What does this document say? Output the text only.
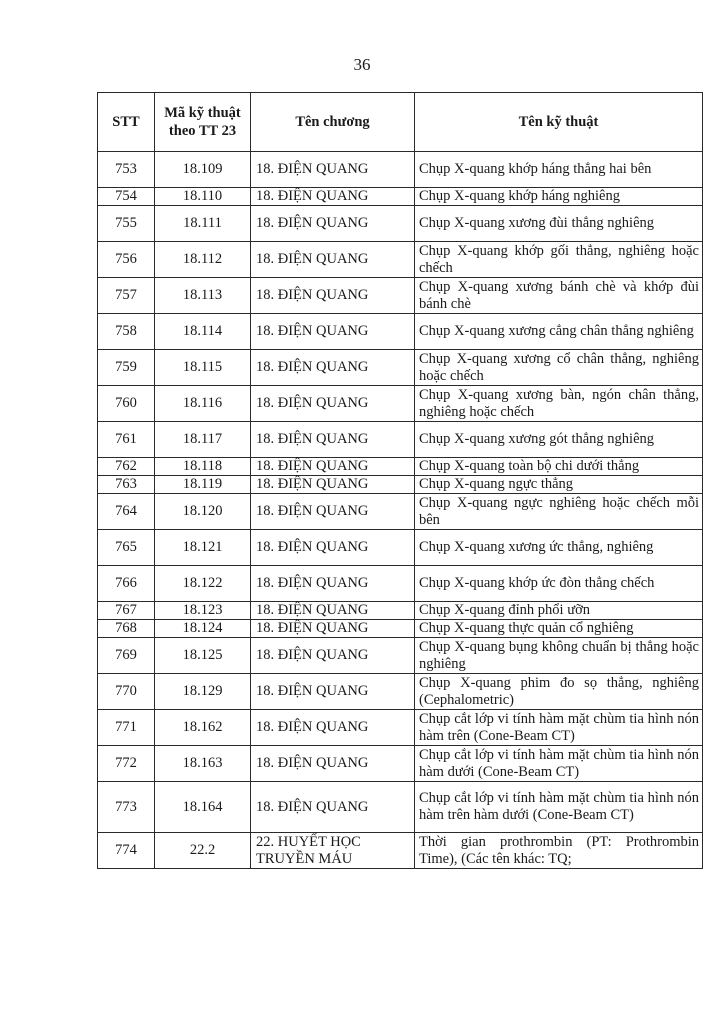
36
STT	Mã kỹ thuật theo TT 23	Tên chương	Tên kỹ thuật
753	18.109	18. ĐIỆN QUANG	Chụp X-quang khớp háng thẳng hai bên
754	18.110	18. ĐIỆN QUANG	Chụp X-quang khớp háng nghiêng
755	18.111	18. ĐIỆN QUANG	Chụp X-quang xương đùi thẳng nghiêng
756	18.112	18. ĐIỆN QUANG	Chụp X-quang khớp gối thẳng, nghiêng hoặc chếch
757	18.113	18. ĐIỆN QUANG	Chụp X-quang xương bánh chè và khớp đùi bánh chè
758	18.114	18. ĐIỆN QUANG	Chụp X-quang xương cẳng chân thẳng nghiêng
759	18.115	18. ĐIỆN QUANG	Chụp X-quang xương cổ chân thẳng, nghiêng hoặc chếch
760	18.116	18. ĐIỆN QUANG	Chụp X-quang xương bàn, ngón chân thẳng, nghiêng hoặc chếch
761	18.117	18. ĐIỆN QUANG	Chụp X-quang xương gót thẳng nghiêng
762	18.118	18. ĐIỆN QUANG	Chụp X-quang toàn bộ chi dưới thẳng
763	18.119	18. ĐIỆN QUANG	Chụp X-quang ngực thẳng
764	18.120	18. ĐIỆN QUANG	Chụp X-quang ngực nghiêng hoặc chếch mỗi bên
765	18.121	18. ĐIỆN QUANG	Chụp X-quang xương ức thẳng, nghiêng
766	18.122	18. ĐIỆN QUANG	Chụp X-quang khớp ức đòn thẳng chếch
767	18.123	18. ĐIỆN QUANG	Chụp X-quang đỉnh phổi ưỡn
768	18.124	18. ĐIỆN QUANG	Chụp X-quang thực quản cổ nghiêng
769	18.125	18. ĐIỆN QUANG	Chụp X-quang bụng không chuẩn bị thẳng hoặc nghiêng
770	18.129	18. ĐIỆN QUANG	Chụp X-quang phim đo sọ thẳng, nghiêng (Cephalometric)
771	18.162	18. ĐIỆN QUANG	Chụp cắt lớp vi tính hàm mặt chùm tia hình nón hàm trên (Cone-Beam CT)
772	18.163	18. ĐIỆN QUANG	Chụp cắt lớp vi tính hàm mặt chùm tia hình nón hàm dưới (Cone-Beam CT)
773	18.164	18. ĐIỆN QUANG	Chụp cắt lớp vi tính hàm mặt chùm tia hình nón hàm trên hàm dưới (Cone-Beam CT)
774	22.2	22. HUYẾT HỌC TRUYỀN MÁU	Thời gian prothrombin (PT: Prothrombin Time), (Các tên khác: TQ;
